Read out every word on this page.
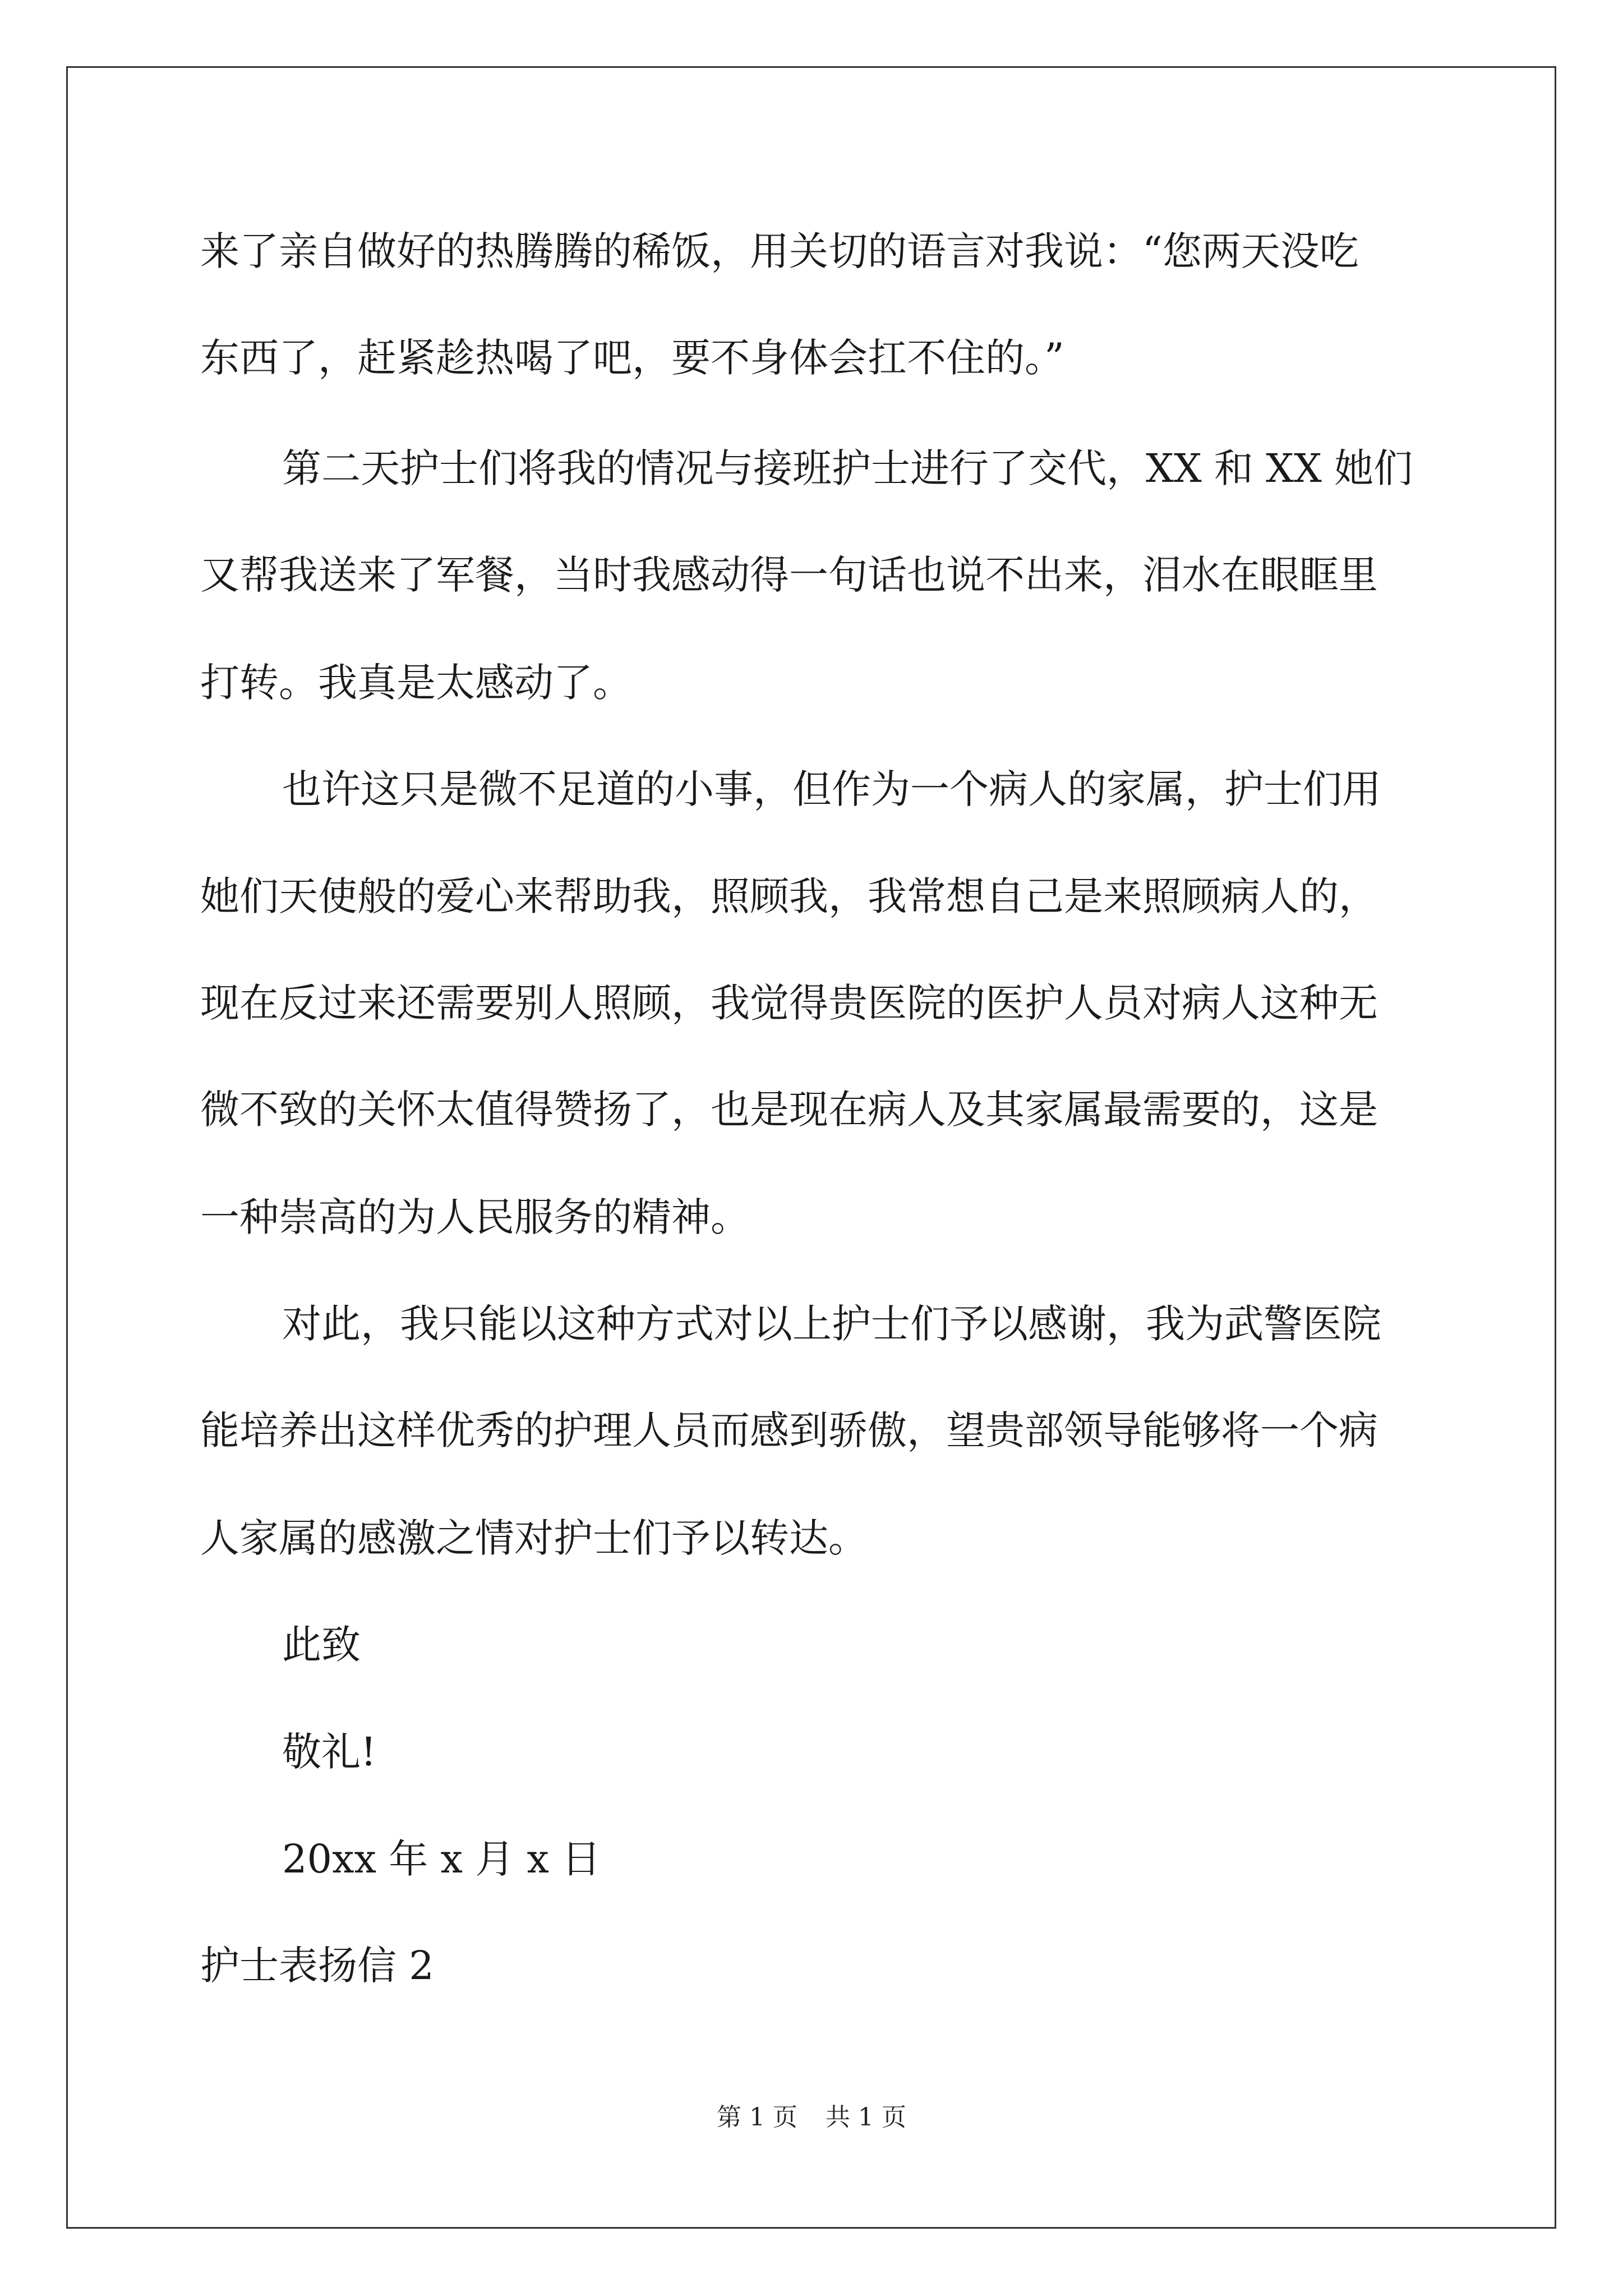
来了亲自做好的热腾腾的稀饭，用关切的语言对我说：“您两天没吃
东西了，赶紧趁热喝了吧，要不身体会扛不住的。”
第二天护士们将我的情况与接班护士进行了交代，XX 和 XX 她们
又帮我送来了军餐，当时我感动得一句话也说不出来，泪水在眼眶里
打转。我真是太感动了。
也许这只是微不足道的小事，但作为一个病人的家属，护士们用
她们天使般的爱心来帮助我，照顾我，我常想自己是来照顾病人的，
现在反过来还需要别人照顾，我觉得贵医院的医护人员对病人这种无
微不致的关怀太值得赞扬了，也是现在病人及其家属最需要的，这是
一种崇高的为人民服务的精神。
对此，我只能以这种方式对以上护士们予以感谢，我为武警医院
能培养出这样优秀的护理人员而感到骄傲，望贵部领导能够将一个病
人家属的感激之情对护士们予以转达。
此致
敬礼!
20xx 年 x 月 x 日
护士表扬信 2
第 1 页 共 1 页
